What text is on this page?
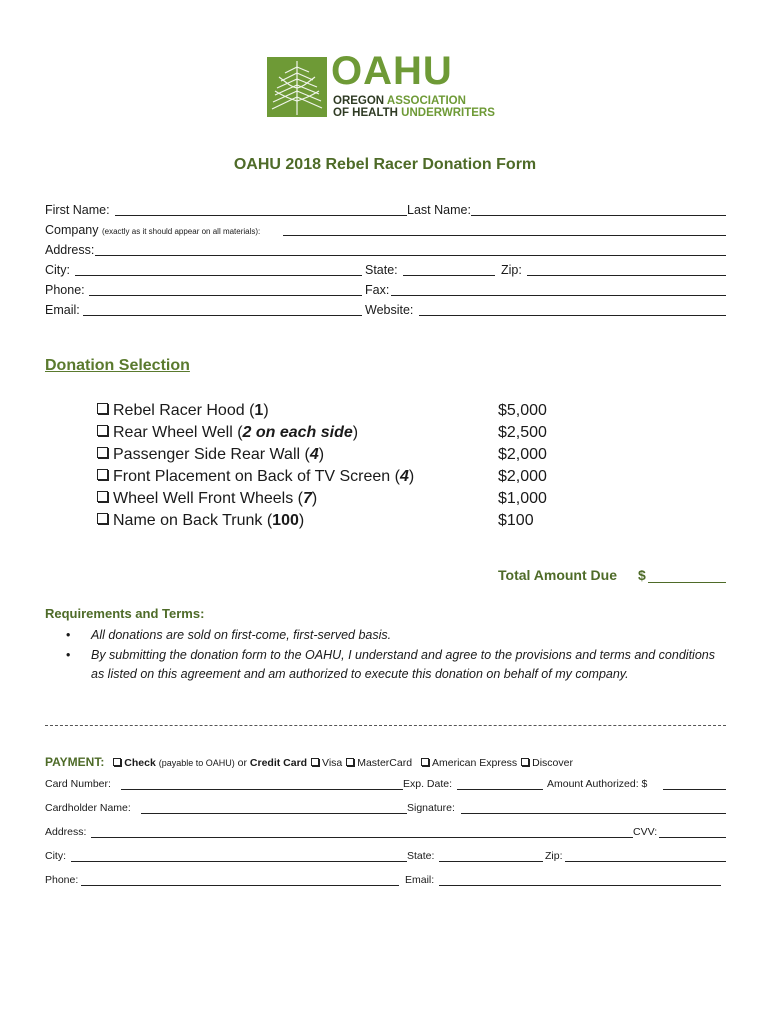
OAHU
OREGON ASSOCIATION
OF HEALTH UNDERWRITERS
OAHU 2018 Rebel Racer Donation Form
First Name:	Last Name:
Company (exactly as it should appear on all materials):
Address:
City:	State:	Zip:
Phone:	Fax:
Email:	Website:
Donation Selection
Rebel Racer Hood (1)	$5,000
Rear Wheel Well (2 on each side)	$2,500
Passenger Side Rear Wall (4)	$2,000
Front Placement on Back of TV Screen (4)	$2,000
Wheel Well Front Wheels (7)	$1,000
Name on Back Trunk (100)	$100
Total Amount Due $
Requirements and Terms:
• All donations are sold on first-come, first-served basis.
• By submitting the donation form to the OAHU, I understand and agree to the provisions and terms and conditions as listed on this agreement and am authorized to execute this donation on behalf of my company.
PAYMENT: Check (payable to OAHU) or Credit Card Visa MasterCard American Express Discover
Card Number:	Exp. Date:	Amount Authorized: $
Cardholder Name:	Signature:
Address:	CVV:
City:	State:	Zip:
Phone:	Email:
